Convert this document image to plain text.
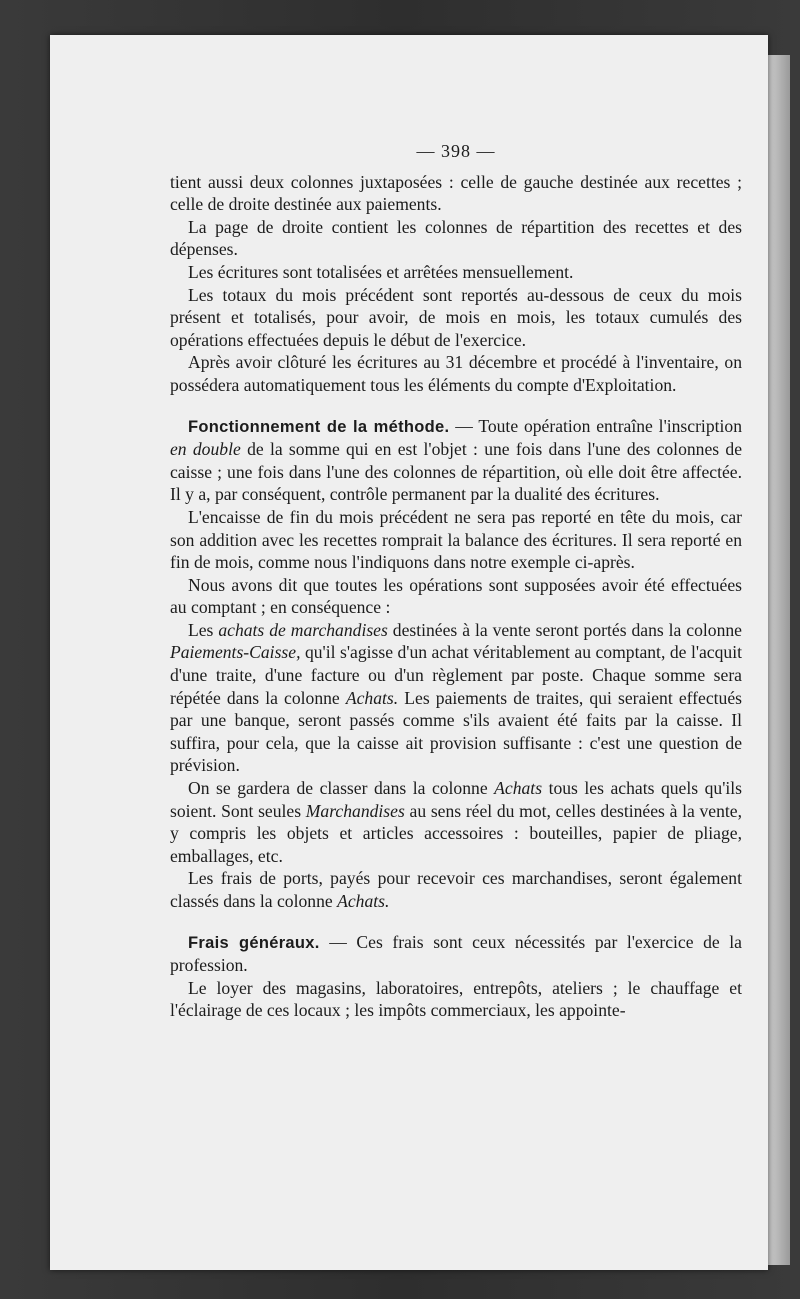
— 398 —

tient aussi deux colonnes juxtaposées : celle de gauche destinée aux recettes ; celle de droite destinée aux paiements.

La page de droite contient les colonnes de répartition des recettes et des dépenses.

Les écritures sont totalisées et arrêtées mensuellement.

Les totaux du mois précédent sont reportés au-dessous de ceux du mois présent et totalisés, pour avoir, de mois en mois, les totaux cumulés des opérations effectuées depuis le début de l'exercice.

Après avoir clôturé les écritures au 31 décembre et procédé à l'inventaire, on possédera automatiquement tous les éléments du compte d'Exploitation.

Fonctionnement de la méthode. — Toute opération entraîne l'inscription en double de la somme qui en est l'objet : une fois dans l'une des colonnes de caisse ; une fois dans l'une des colonnes de répartition, où elle doit être affectée. Il y a, par conséquent, contrôle permanent par la dualité des écritures.

L'encaisse de fin du mois précédent ne sera pas reporté en tête du mois, car son addition avec les recettes romprait la balance des écritures. Il sera reporté en fin de mois, comme nous l'indiquons dans notre exemple ci-après.

Nous avons dit que toutes les opérations sont supposées avoir été effectuées au comptant ; en conséquence :

Les achats de marchandises destinées à la vente seront portés dans la colonne Paiements-Caisse, qu'il s'agisse d'un achat véritablement au comptant, de l'acquit d'une traite, d'une facture ou d'un règlement par poste. Chaque somme sera répétée dans la colonne Achats. Les paiements de traites, qui seraient effectués par une banque, seront passés comme s'ils avaient été faits par la caisse. Il suffira, pour cela, que la caisse ait provision suffisante : c'est une question de prévision.

On se gardera de classer dans la colonne Achats tous les achats quels qu'ils soient. Sont seules Marchandises au sens réel du mot, celles destinées à la vente, y compris les objets et articles accessoires : bouteilles, papier de pliage, emballages, etc.

Les frais de ports, payés pour recevoir ces marchandises, seront également classés dans la colonne Achats.

Frais généraux. — Ces frais sont ceux nécessités par l'exercice de la profession.

Le loyer des magasins, laboratoires, entrepôts, ateliers ; le chauffage et l'éclairage de ces locaux ; les impôts commerciaux, les appointe-
